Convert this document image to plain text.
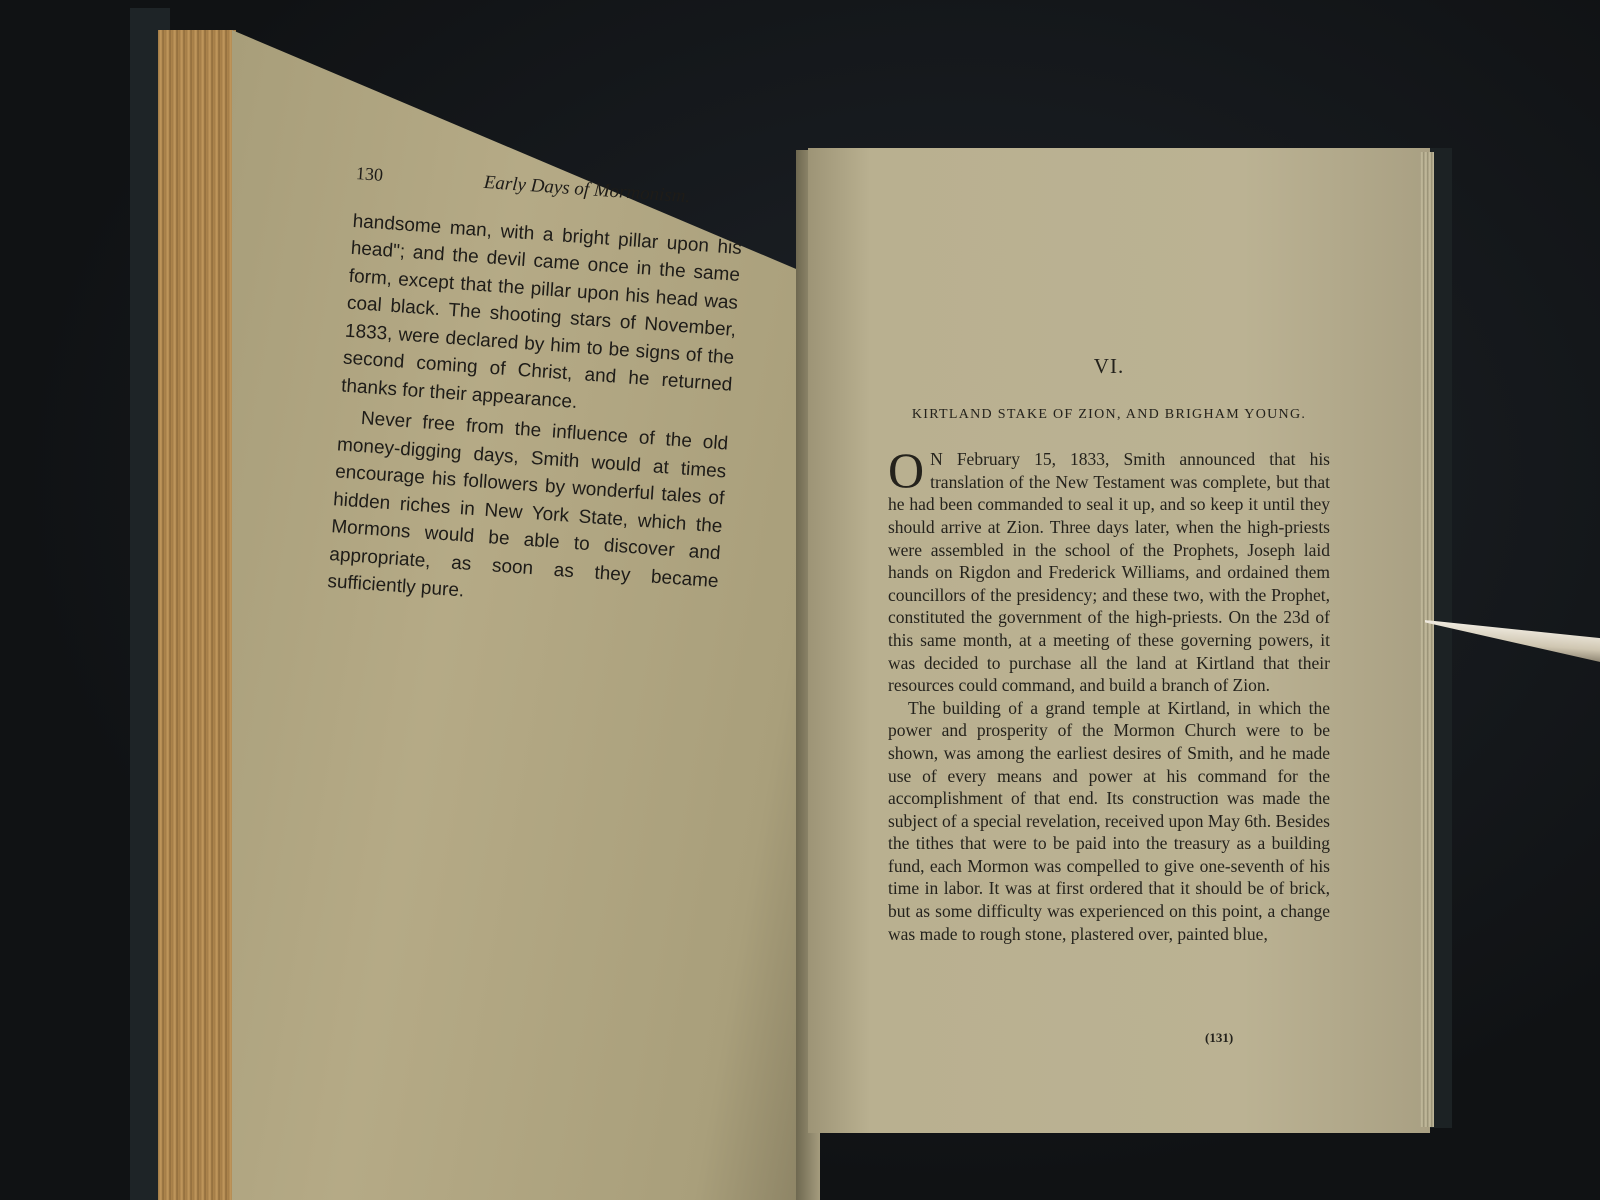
130	Early Days of Mormonism.

handsome man, with a bright pillar upon his head"; and the devil came once in the same form, except that the pillar upon his head was coal black. The shooting stars of November, 1833, were declared by him to be signs of the second coming of Christ, and he returned thanks for their appearance.

Never free from the influence of the old money-digging days, Smith would at times encourage his followers by wonderful tales of hidden riches in New York State, which the Mormons would be able to discover and appropriate, as soon as they became sufficiently pure.

VI.
KIRTLAND STAKE OF ZION, AND BRIGHAM YOUNG.

O N February 15, 1833, Smith announced that his translation of the New Testament was complete, but that he had been commanded to seal it up, and so keep it until they should arrive at Zion. Three days later, when the high-priests were assembled in the school of the Prophets, Joseph laid hands on Rigdon and Frederick Williams, and ordained them councillors of the presidency; and these two, with the Prophet, constituted the government of the high-priests. On the 23d of this same month, at a meeting of these governing powers, it was decided to purchase all the land at Kirtland that their resources could command, and build a branch of Zion.

The building of a grand temple at Kirtland, in which the power and prosperity of the Mormon Church were to be shown, was among the earliest desires of Smith, and he made use of every means and power at his command for the accomplishment of that end. Its construction was made the subject of a special revelation, received upon May 6th. Besides the tithes that were to be paid into the treasury as a building fund, each Mormon was compelled to give one-seventh of his time in labor. It was at first ordered that it should be of brick, but as some difficulty was experienced on this point, a change was made to rough stone, plastered over, painted blue,

(131)
